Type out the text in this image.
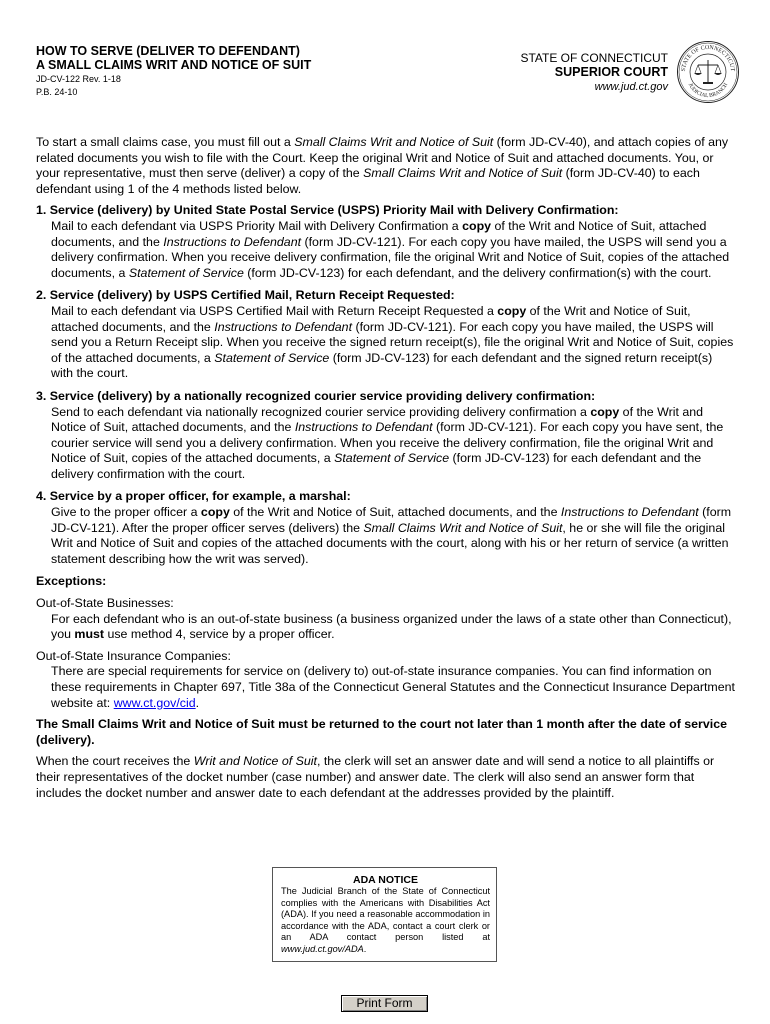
HOW TO SERVE (DELIVER TO DEFENDANT)
A SMALL CLAIMS WRIT AND NOTICE OF SUIT
JD-CV-122 Rev. 1-18
P.B. 24-10
STATE OF CONNECTICUT
SUPERIOR COURT
www.jud.ct.gov
STATE OF CONNECTICUT
JUDICIAL BRANCH

To start a small claims case, you must fill out a Small Claims Writ and Notice of Suit (form JD-CV-40), and attach copies of any related documents you wish to file with the Court. Keep the original Writ and Notice of Suit and attached documents. You, or your representative, must then serve (deliver) a copy of the Small Claims Writ and Notice of Suit (form JD-CV-40) to each defendant using 1 of the 4 methods listed below.

1. Service (delivery) by United State Postal Service (USPS) Priority Mail with Delivery Confirmation:
Mail to each defendant via USPS Priority Mail with Delivery Confirmation a copy of the Writ and Notice of Suit, attached documents, and the Instructions to Defendant (form JD-CV-121). For each copy you have mailed, the USPS will send you a delivery confirmation. When you receive delivery confirmation, file the original Writ and Notice of Suit, copies of the attached documents, a Statement of Service (form JD-CV-123) for each defendant, and the delivery confirmation(s) with the court.
2. Service (delivery) by USPS Certified Mail, Return Receipt Requested:
Mail to each defendant via USPS Certified Mail with Return Receipt Requested a copy of the Writ and Notice of Suit, attached documents, and the Instructions to Defendant (form JD-CV-121). For each copy you have mailed, the USPS will send you a Return Receipt slip. When you receive the signed return receipt(s), file the original Writ and Notice of Suit, copies of the attached documents, a Statement of Service (form JD-CV-123) for each defendant and the signed return receipt(s) with the court.
3. Service (delivery) by a nationally recognized courier service providing delivery confirmation:
Send to each defendant via nationally recognized courier service providing delivery confirmation a copy of the Writ and Notice of Suit, attached documents, and the Instructions to Defendant (form JD-CV-121). For each copy you have sent, the courier service will send you a delivery confirmation. When you receive the delivery confirmation, file the original Writ and Notice of Suit, copies of the attached documents, a Statement of Service (form JD-CV-123) for each defendant and the delivery confirmation with the court.
4. Service by a proper officer, for example, a marshal:
Give to the proper officer a copy of the Writ and Notice of Suit, attached documents, and the Instructions to Defendant (form JD-CV-121). After the proper officer serves (delivers) the Small Claims Writ and Notice of Suit, he or she will file the original Writ and Notice of Suit and copies of the attached documents with the court, along with his or her return of service (a written statement describing how the writ was served).

Exceptions:

Out-of-State Businesses:

For each defendant who is an out-of-state business (a business organized under the laws of a state other than Connecticut), you must use method 4, service by a proper officer.

Out-of-State Insurance Companies:

There are special requirements for service on (delivery to) out-of-state insurance companies. You can find information on these requirements in Chapter 697, Title 38a of the Connecticut General Statutes and the Connecticut Insurance Department website at: www.ct.gov/cid.

The Small Claims Writ and Notice of Suit must be returned to the court not later than 1 month after the date of service (delivery).

When the court receives the Writ and Notice of Suit, the clerk will set an answer date and will send a notice to all plaintiffs or their representatives of the docket number (case number) and answer date. The clerk will also send an answer form that includes the docket number and answer date to each defendant at the addresses provided by the plaintiff.

ADA NOTICE
The Judicial Branch of the State of Connecticut complies with the Americans with Disabilities Act (ADA). If you need a reasonable accommodation in accordance with the ADA, contact a court clerk or an ADA contact person listed at www.jud.ct.gov/ADA.
Print Form
